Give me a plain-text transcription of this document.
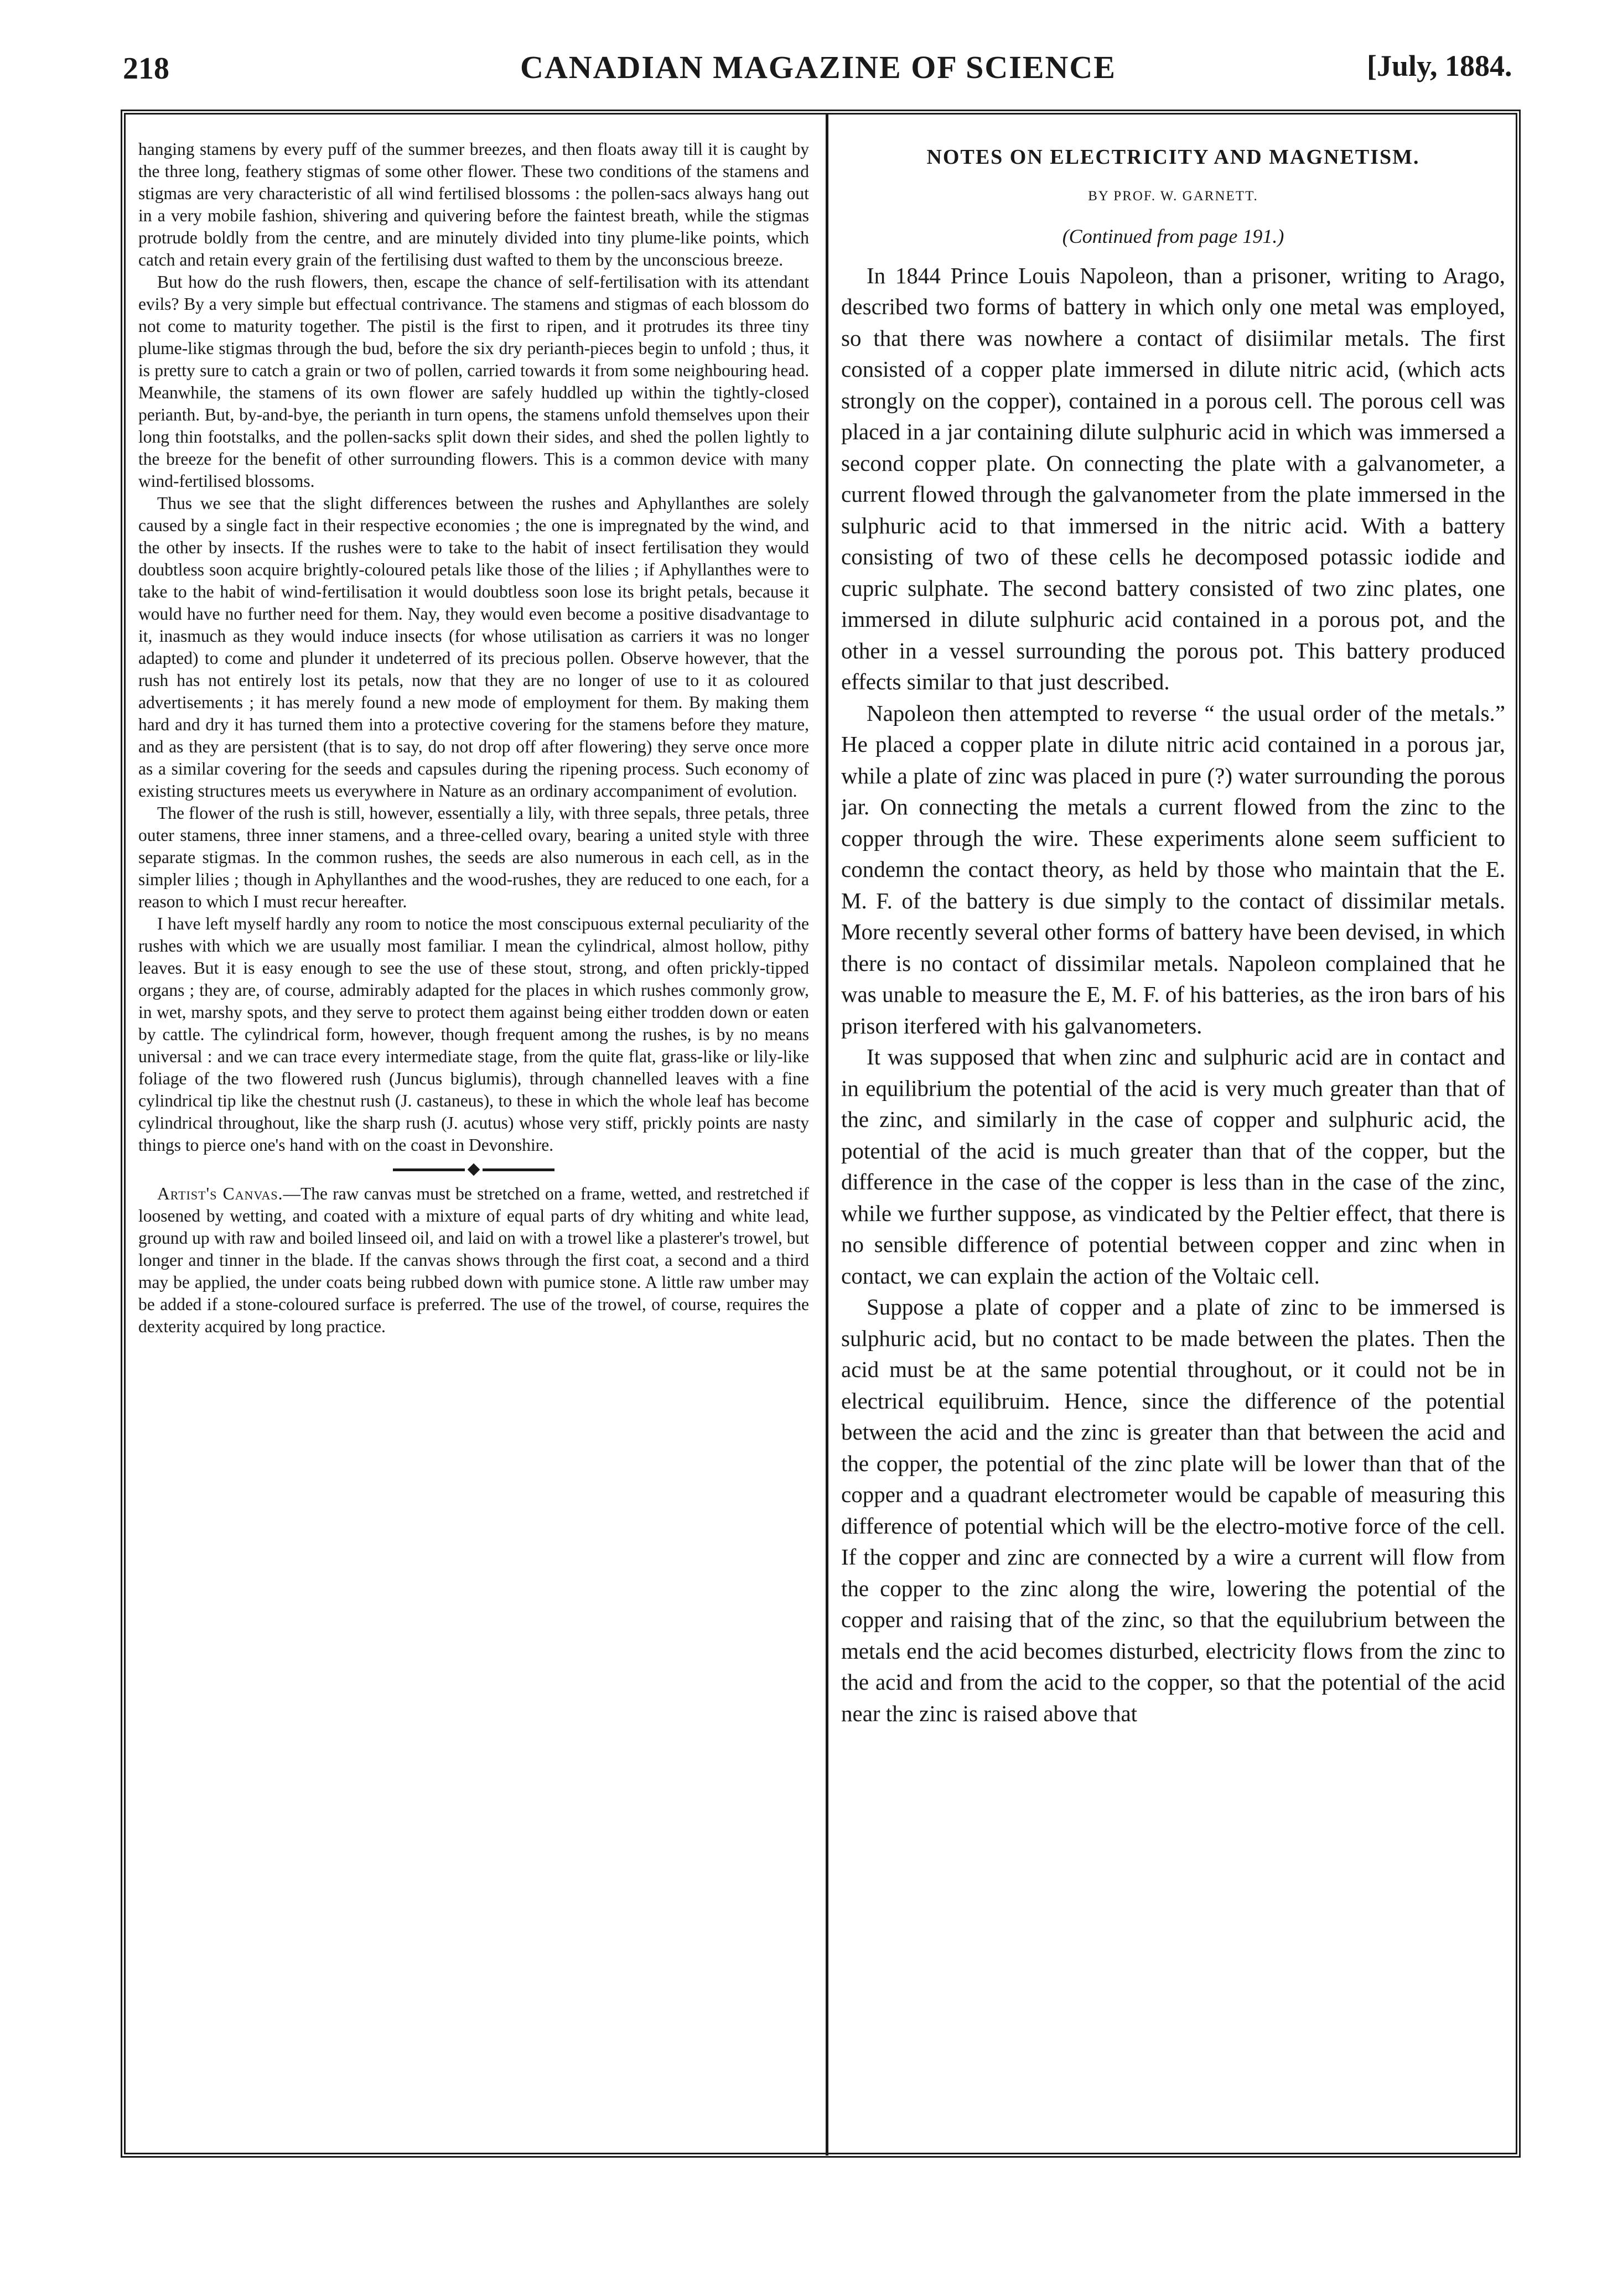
218	CANADIAN MAGAZINE OF SCIENCE	[July, 1884.

hanging stamens by every puff of the summer breezes, and then floats away till it is caught by the three long, feathery stigmas of some other flower. These two conditions of the stamens and stigmas are very characteristic of all wind fertilised blossoms : the pollen-sacs always hang out in a very mobile fashion, shivering and quivering before the faintest breath, while the stigmas protrude boldly from the centre, and are minutely divided into tiny plume-like points, which catch and retain every grain of the fertilising dust wafted to them by the unconscious breeze.

But how do the rush flowers, then, escape the chance of self-fertilisation with its attendant evils? By a very simple but effectual contrivance. The stamens and stigmas of each blossom do not come to maturity together. The pistil is the first to ripen, and it protrudes its three tiny plume-like stigmas through the bud, before the six dry perianth-pieces begin to unfold ; thus, it is pretty sure to catch a grain or two of pollen, carried towards it from some neighbouring head. Meanwhile, the stamens of its own flower are safely huddled up within the tightly-closed perianth. But, by-and-bye, the perianth in turn opens, the stamens unfold themselves upon their long thin footstalks, and the pollen-sacks split down their sides, and shed the pollen lightly to the breeze for the benefit of other surrounding flowers. This is a common device with many wind-fertilised blossoms.

Thus we see that the slight differences between the rushes and Aphyllanthes are solely caused by a single fact in their respective economies ; the one is impregnated by the wind, and the other by insects. If the rushes were to take to the habit of insect fertilisation they would doubtless soon acquire brightly-coloured petals like those of the lilies ; if Aphyllanthes were to take to the habit of wind-fertilisation it would doubtless soon lose its bright petals, because it would have no further need for them. Nay, they would even become a positive disadvantage to it, inasmuch as they would induce insects (for whose utilisation as carriers it was no longer adapted) to come and plunder it undeterred of its precious pollen. Observe however, that the rush has not entirely lost its petals, now that they are no longer of use to it as coloured advertisements ; it has merely found a new mode of employment for them. By making them hard and dry it has turned them into a protective covering for the stamens before they mature, and as they are persistent (that is to say, do not drop off after flowering) they serve once more as a similar covering for the seeds and capsules during the ripening process. Such economy of existing structures meets us everywhere in Nature as an ordinary accompaniment of evolution.

The flower of the rush is still, however, essentially a lily, with three sepals, three petals, three outer stamens, three inner stamens, and a three-celled ovary, bearing a united style with three separate stigmas. In the common rushes, the seeds are also numerous in each cell, as in the simpler lilies ; though in Aphyllanthes and the wood-rushes, they are reduced to one each, for a reason to which I must recur hereafter.

I have left myself hardly any room to notice the most conscipuous external peculiarity of the rushes with which we are usually most familiar. I mean the cylindrical, almost hollow, pithy leaves. But it is easy enough to see the use of these stout, strong, and often prickly-tipped organs ; they are, of course, admirably adapted for the places in which rushes commonly grow, in wet, marshy spots, and they serve to protect them against being either trodden down or eaten by cattle. The cylindrical form, however, though frequent among the rushes, is by no means universal : and we can trace every intermediate stage, from the quite flat, grass-like or lily-like foliage of the two flowered rush (Juncus biglumis), through channelled leaves with a fine cylindrical tip like the chestnut rush (J. castaneus), to these in which the whole leaf has become cylindrical throughout, like the sharp rush (J. acutus) whose very stiff, prickly points are nasty things to pierce one's hand with on the coast in Devonshire.

Artist's Canvas.—The raw canvas must be stretched on a frame, wetted, and restretched if loosened by wetting, and coated with a mixture of equal parts of dry whiting and white lead, ground up with raw and boiled linseed oil, and laid on with a trowel like a plasterer's trowel, but longer and tinner in the blade. If the canvas shows through the first coat, a second and a third may be applied, the under coats being rubbed down with pumice stone. A little raw umber may be added if a stone-coloured surface is preferred. The use of the trowel, of course, requires the dexterity acquired by long practice.

NOTES ON ELECTRICITY AND MAGNETISM.
BY PROF. W. GARNETT.
(Continued from page 191.)

In 1844 Prince Louis Napoleon, than a prisoner, writing to Arago, described two forms of battery in which only one metal was employed, so that there was nowhere a contact of disiimilar metals. The first consisted of a copper plate immersed in dilute nitric acid, (which acts strongly on the copper), contained in a porous cell. The porous cell was placed in a jar containing dilute sulphuric acid in which was immersed a second copper plate. On connecting the plate with a galvanometer, a current flowed through the galvanometer from the plate immersed in the sulphuric acid to that immersed in the nitric acid. With a battery consisting of two of these cells he decomposed potassic iodide and cupric sulphate. The second battery consisted of two zinc plates, one immersed in dilute sulphuric acid contained in a porous pot, and the other in a vessel surrounding the porous pot. This battery produced effects similar to that just described.

Napoleon then attempted to reverse “ the usual order of the metals.” He placed a copper plate in dilute nitric acid contained in a porous jar, while a plate of zinc was placed in pure (?) water surrounding the porous jar. On connecting the metals a current flowed from the zinc to the copper through the wire. These experiments alone seem sufficient to condemn the contact theory, as held by those who maintain that the E. M. F. of the battery is due simply to the contact of dissimilar metals. More recently several other forms of battery have been devised, in which there is no contact of dissimilar metals. Napoleon complained that he was unable to measure the E, M. F. of his batteries, as the iron bars of his prison iterfered with his galvanometers.

It was supposed that when zinc and sulphuric acid are in contact and in equilibrium the potential of the acid is very much greater than that of the zinc, and similarly in the case of copper and sulphuric acid, the potential of the acid is much greater than that of the copper, but the difference in the case of the copper is less than in the case of the zinc, while we further suppose, as vindicated by the Peltier effect, that there is no sensible difference of potential between copper and zinc when in contact, we can explain the action of the Voltaic cell.

Suppose a plate of copper and a plate of zinc to be immersed is sulphuric acid, but no contact to be made between the plates. Then the acid must be at the same potential throughout, or it could not be in electrical equilibruim. Hence, since the difference of the potential between the acid and the zinc is greater than that between the acid and the copper, the potential of the zinc plate will be lower than that of the copper and a quadrant electrometer would be capable of measuring this difference of potential which will be the electro-motive force of the cell. If the copper and zinc are connected by a wire a current will flow from the copper to the zinc along the wire, lowering the potential of the copper and raising that of the zinc, so that the equilubrium between the metals end the acid becomes disturbed, electricity flows from the zinc to the acid and from the acid to the copper, so that the potential of the acid near the zinc is raised above that
